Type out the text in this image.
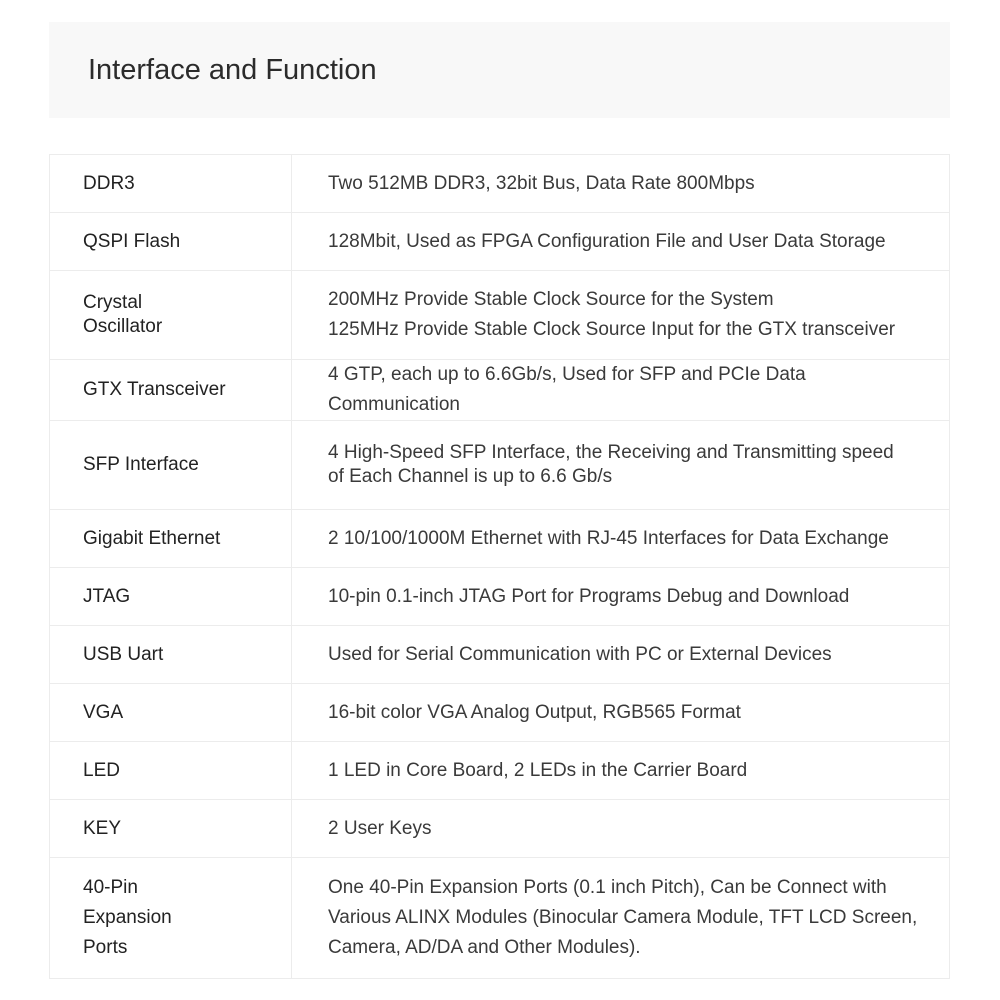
Interface and Function
DDR3	Two 512MB DDR3, 32bit Bus, Data Rate 800Mbps

QSPI Flash	128Mbit, Used as FPGA Configuration File and User Data Storage

Crystal
Oscillator	200MHz Provide Stable Clock Source for the System
125MHz Provide Stable Clock Source Input for the GTX transceiver

GTX Transceiver	4 GTP, each up to 6.6Gb/s, Used for SFP and PCIe Data Communication

SFP Interface	4 High-Speed SFP Interface, the Receiving and Transmitting speed
of Each Channel is up to 6.6 Gb/s

Gigabit Ethernet	2 10/100/1000M Ethernet with RJ-45 Interfaces for Data Exchange

JTAG	10-pin 0.1-inch JTAG Port for Programs Debug and Download

USB Uart	Used for Serial Communication with PC or External Devices

VGA	16-bit color VGA Analog Output, RGB565 Format

LED	1 LED in Core Board, 2 LEDs in the Carrier Board

KEY	2 User Keys

40-Pin
Expansion
Ports	One 40-Pin Expansion Ports (0.1 inch Pitch), Can be Connect with
Various ALINX Modules (Binocular Camera Module, TFT LCD Screen,
Camera, AD/DA and Other Modules).
